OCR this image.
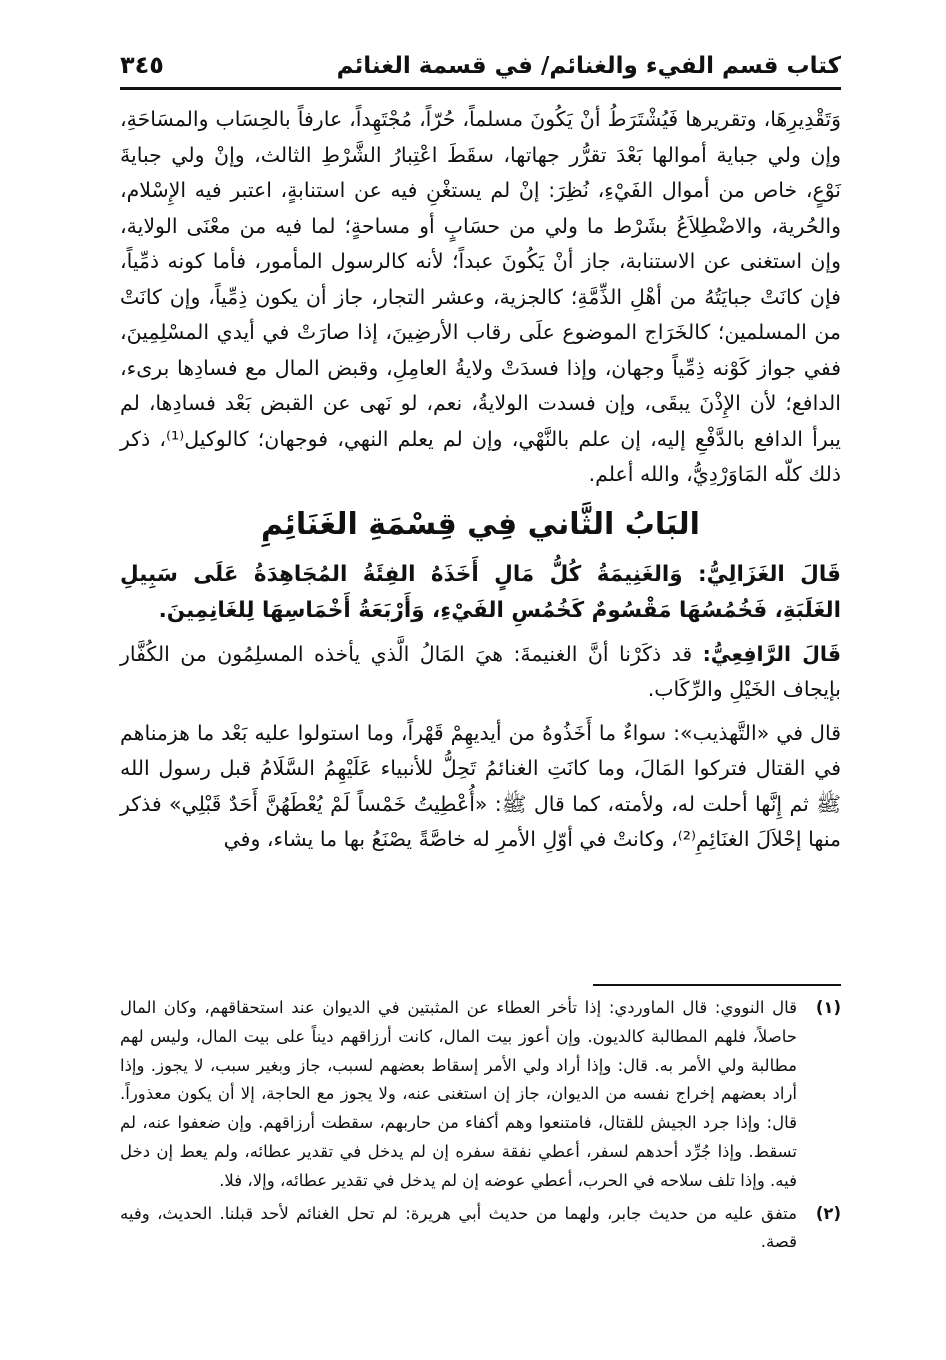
كتاب قسم الفيء والغنائم/ في قسمة الغنائم
٣٤٥

وَتَقْدِيرِهَا، وتقريرها فَيُشْتَرَطُ أنْ يَكُونَ مسلماً، حُرّاً، مُجْتَهِداً، عارفاً بالحِسَاب والمسَاحَةِ، وإن ولي جباية أموالها بَعْدَ تقرُّر جهاتها، سقَطَ اعْتِبارُ الشَّرْطِ الثالث، وإنْ ولي جبايةَ نَوْعٍ، خاص من أموال الفَيْءِ، نُظِرَ: إنْ لم يستغْنِ فيه عن استنابةٍ، اعتبر فيه الإِسْلام، والحُرية، والاضْطِلاَعُ بشَرْط ما ولي من حسَابٍ أو مساحةٍ؛ لما فيه من معْنَى الولاية، وإن استغنى عن الاستنابة، جاز أنْ يَكُونَ عبداً؛ لأنه كالرسول المأمور، فأما كونه ذمِّياً، فإن كانَتْ جبايَتُهُ من أهْلِ الذِّمَّةِ؛ كالجزية، وعشر التجار، جاز أن يكون ذِمِّياً، وإن كانَتْ من المسلمين؛ كالخَرَاج الموضوع علَى رقاب الأرضِينَ، إذا صارَتْ في أيدي المسْلِمِينَ، ففي جواز كَوْنه ذِمِّياً وجهان، وإذا فسدَتْ ولايةُ العامِلِ، وقبض المال مع فسادِها برىء، الدافع؛ لأن الإِذْنَ يبقَى، وإن فسدت الولايةُ، نعم، لو نَهى عن القبض بَعْد فسادِها، لم يبرأ الدافع بالدَّفْعِ إليه، إن علم بالنَّهْي، وإن لم يعلم النهي، فوجهان؛ كالوكيل⁽¹⁾، ذكر ذلك كلّه المَاوَرْدِيُّ، والله أعلم.

البَابُ الثَّاني فِي قِسْمَةِ الغَنَائِمِ

قَالَ الغَزَالِيُّ: وَالغَنِيمَةُ كُلُّ مَالٍ أَخَذَهُ الفِئَةُ المُجَاهِدَةُ عَلَى سَبِيلِ الغَلَبَةِ، فَخُمُسُهَا مَقْسُومٌ كَخُمُسِ الفَيْءِ، وَأَرْبَعَةُ أَخْمَاسِهَا لِلغَانِمِينَ.

قَالَ الرَّافِعِيُّ: قد ذكَرْنا أنَّ الغنيمةَ: هيَ المَالُ الَّذي يأخذه المسلِمُون من الكُفَّار بإيجاف الخَيْلِ والرِّكَاب.

قال في «التَّهذيب»: سواءٌ ما أَخَذُوهُ من أيديهِمْ قَهْراً، وما استولوا عليه بَعْد ما هزمناهم في القتال فتركوا المَالَ، وما كانَتِ الغنائمُ تَحِلُّ للأنبياء عَلَيْهِمُ السَّلَامُ قبل رسول الله ﷺ ثم إِنَّها أحلت له، ولأمته، كما قال ﷺ: «أُعْطِيتُ خَمْساً لَمْ يُعْطَهُنَّ أَحَدٌ قَبْلِي» فذكر منها إحْلاَلَ الغنَائِمِ⁽²⁾، وكانتْ في أوّلِ الأمرِ له خاصَّةً يصْنَعُ بها ما يشاء، وفي

(١)
قال النووي: قال الماوردي: إذا تأخر العطاء عن المثبتين في الديوان عند استحقاقهم، وكان المال حاصلاً، فلهم المطالبة كالديون. وإن أعوز بيت المال، كانت أرزاقهم ديناً على بيت المال، وليس لهم مطالبة ولي الأمر به. قال: وإذا أراد ولي الأمر إسقاط بعضهم لسبب، جاز وبغير سبب، لا يجوز. وإذا أراد بعضهم إخراج نفسه من الديوان، جاز إن استغنى عنه، ولا يجوز مع الحاجة، إلا أن يكون معذوراً. قال: وإذا جرد الجيش للقتال، فامتنعوا وهم أكفاء من حاربهم، سقطت أرزاقهم. وإن ضعفوا عنه، لم تسقط. وإذا جُرِّد أحدهم لسفر، أعطي نفقة سفره إن لم يدخل في تقدير عطائه، ولم يعط إن دخل فيه. وإذا تلف سلاحه في الحرب، أعطي عوضه إن لم يدخل في تقدير عطائه، وإلا، فلا.
(٢)
متفق عليه من حديث جابر، ولهما من حديث أبي هريرة: لم تحل الغنائم لأحد قبلنا. الحديث، وفيه قصة.
